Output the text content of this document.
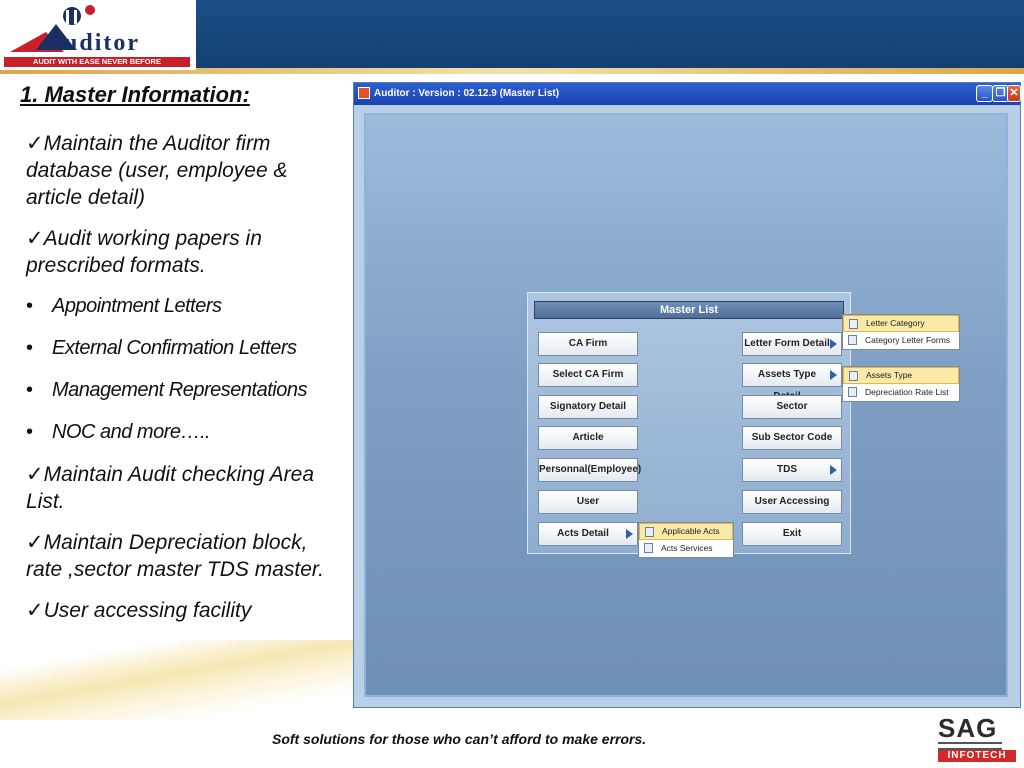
uditor
AUDIT WITH EASE NEVER BEFORE
1. Master Information:
✓Maintain the Auditor firm database (user, employee & article detail)
✓Audit working papers in prescribed formats.
• Appointment Letters
• External Confirmation Letters
• Management Representations
• NOC and more…..
✓Maintain Audit checking Area List.
✓Maintain Depreciation block, rate ,sector master TDS master.
✓User accessing facility
Auditor : Version : 02.12.9 (Master List)	_ ❐ ✕
Master List
CA Firm
Select CA Firm
Signatory Detail
Article
Personnal(Employee)
User
Acts Detail
Letter Form Detail
Assets Type
Sector
Sub Sector Code
TDS
User Accessing
Exit
Letter Category
Category Letter Forms
Assets Type
Depreciation Rate List
Applicable Acts
Acts Services
Soft solutions for those who can’t afford to make errors.	SAG
INFOTECH
